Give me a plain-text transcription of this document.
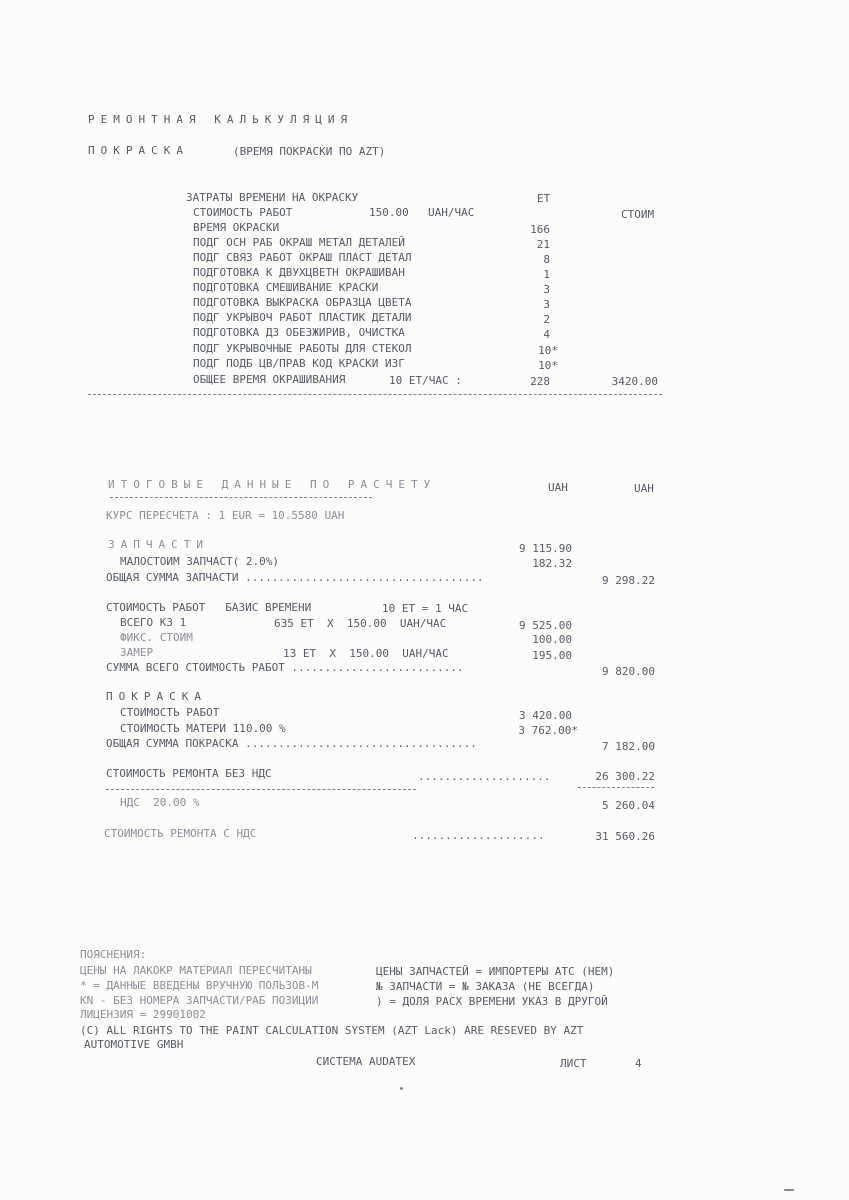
РЕМОНТНАЯ КАЛЬКУЛЯЦИЯ
ПОКРАСКА	(ВРЕМЯ ПОКРАСКИ ПО AZT)
ЗАТРАТЫ ВРЕМЕНИ НА ОКРАСКУ	ЕТ
СТОИМОСТЬ РАБОТ	150.00 UAH/ЧАС	СТОИМ
ВРЕМЯ ОКРАСКИ	166
ПОДГ ОСН РАБ ОКРАШ МЕТАЛ ДЕТАЛЕЙ	21
ПОДГ СВЯЗ РАБОТ ОКРАШ ПЛАСТ ДЕТАЛ	8
ПОДГОТОВКА К ДВУХЦВЕТН ОКРАШИВАН	1
ПОДГОТОВКА СМЕШИВАНИЕ КРАСКИ	3
ПОДГОТОВКА ВЫКРАСКА ОБРАЗЦА ЦВЕТА	3
ПОДГ УКРЫВОЧ РАБОТ ПЛАСТИК ДЕТАЛИ	2
ПОДГОТОВКА ДЗ ОБЕЗЖИРИВ, ОЧИСТКА	4
ПОДГ УКРЫВОЧНЫЕ РАБОТЫ ДЛЯ СТЕКОЛ	10*
ПОДГ ПОДБ ЦВ/ПРАВ КОД КРАСКИ ИЗГ	10*
ОБЩЕЕ ВРЕМЯ ОКРАШИВАНИЯ	10 ЕТ/ЧАС :	228	3420.00
ИТОГОВЫЕ ДАННЫЕ ПО РАСЧЕТУ	UAH	UAH
КУРС ПЕРЕСЧЕТА : 1 EUR = 10.5580 UAH
ЗАПЧАСТИ	9 115.90
МАЛОСТОИМ ЗАПЧАСТ( 2.0%)	182.32
ОБЩАЯ СУММА ЗАПЧАСТИ ....................................	9 298.22
СТОИМОСТЬ РАБОТ   БАЗИС ВРЕМЕНИ	10 ЕТ = 1 ЧАС
ВСЕГО КЗ 1	635 ЕТ  X  150.00  UAH/ЧАС	9 525.00
ФИКС. СТОИМ	100.00
ЗАМЕР	13 ЕТ  X  150.00  UAH/ЧАС	195.00
СУММА ВСЕГО СТОИМОСТЬ РАБОТ ..........................	9 820.00
ПОКРАСКА
СТОИМОСТЬ РАБОТ	3 420.00
СТОИМОСТЬ МАТЕРИ 110.00 %	3 762.00*
ОБЩАЯ СУММА ПОКРАСКА ...................................	7 182.00
СТОИМОСТЬ РЕМОНТА БЕЗ НДС	....................	26 300.22
НДС  20.00 %	5 260.04
СТОИМОСТЬ РЕМОНТА С НДС	....................	31 560.26
ПОЯСНЕНИЯ:
ЦЕНЫ НА ЛАКОКР МАТЕРИАЛ ПЕРЕСЧИТАНЫ
* = ДАННЫЕ ВВЕДЕНЫ ВРУЧНУЮ ПОЛЬЗОВ-М
KN - БЕЗ НОМЕРА ЗАПЧАСТИ/РАБ ПОЗИЦИИ
ЛИЦЕНЗИЯ = 29901002
ЦЕНЫ ЗАПЧАСТЕЙ = ИМПОРТЕРЫ АТС (НЕМ)
№ ЗАПЧАСТИ = № ЗАКАЗА (НЕ ВСЕГДА)
) = ДОЛЯ РАСХ ВРЕМЕНИ УКАЗ В ДРУГОЙ
(C) ALL RIGHTS TO THE PAINT CALCULATION SYSTEM (AZT Lack) ARE RESEVED BY AZT
AUTOMOTIVE GMBH
СИСТЕМА AUDATEX	ЛИСТ	4
